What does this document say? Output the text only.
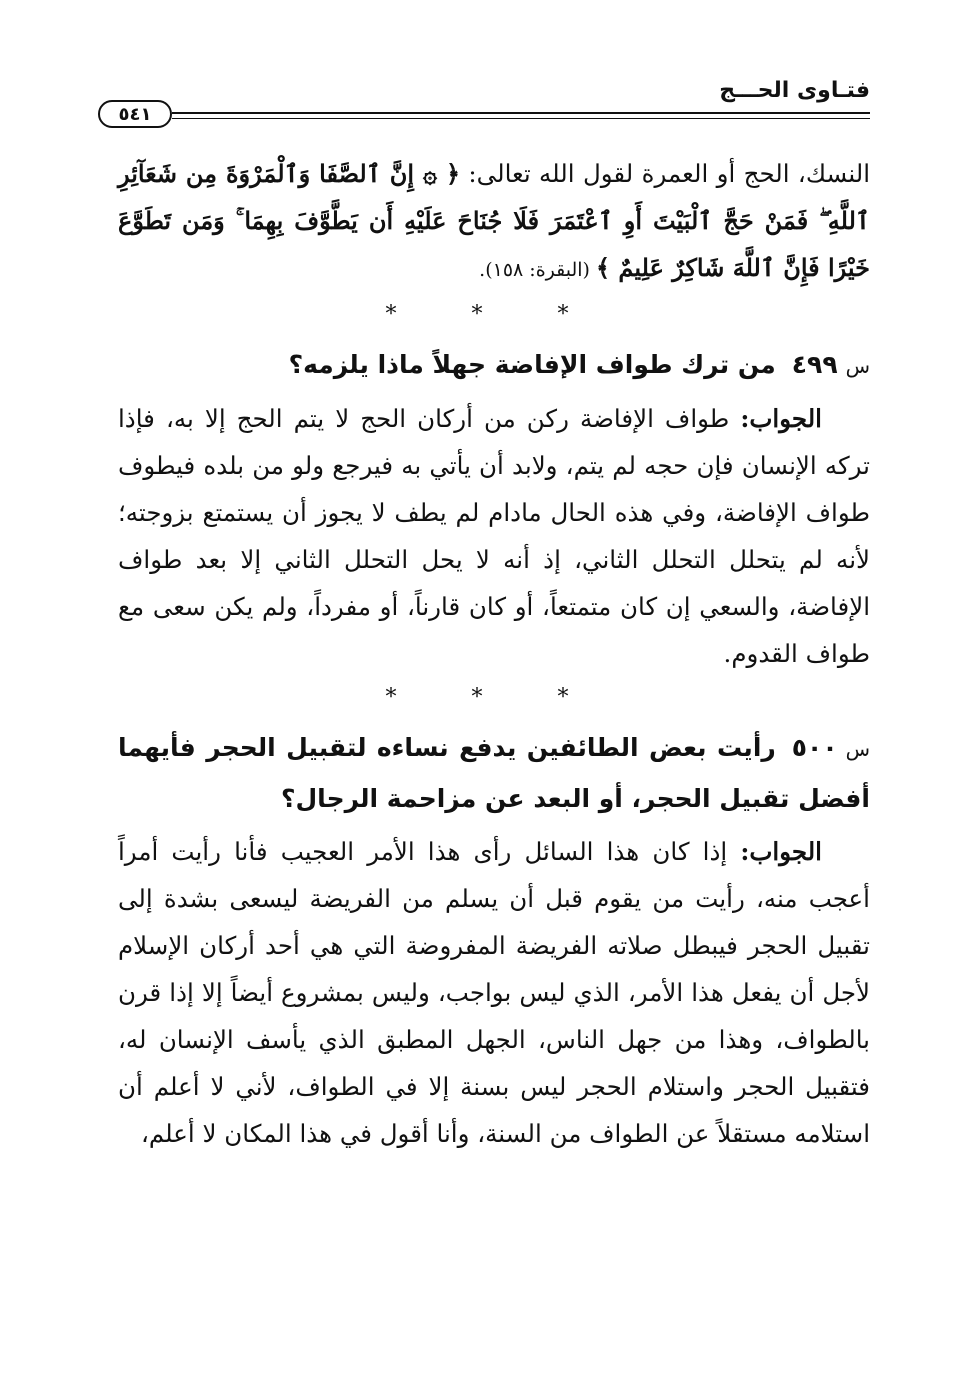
فتـاوى الحـــج
٥٤١

النسك، الحج أو العمرة لقول الله تعالى: ﴿ ۞ إِنَّ ٱلصَّفَا وَٱلْمَرْوَةَ مِن شَعَآئِرِ ٱللَّهِ ۖ فَمَنْ حَجَّ ٱلْبَيْتَ أَوِ ٱعْتَمَرَ فَلَا جُنَاحَ عَلَيْهِ أَن يَطَّوَّفَ بِهِمَا ۚ وَمَن تَطَوَّعَ خَيْرًا فَإِنَّ ٱللَّهَ شَاكِرٌ عَلِيمٌ ﴾ (البقرة: ١٥٨).

* * *
س٤٩٩من ترك طواف الإفاضة جهلاً ماذا يلزمه؟

الجواب: طواف الإفاضة ركن من أركان الحج لا يتم الحج إلا به، فإذا تركه الإنسان فإن حجه لم يتم، ولابد أن يأتي به فيرجع ولو من بلده فيطوف طواف الإفاضة، وفي هذه الحال مادام لم يطف لا يجوز أن يستمتع بزوجته؛ لأنه لم يتحلل التحلل الثاني، إذ أنه لا يحل التحلل الثاني إلا بعد طواف الإفاضة، والسعي إن كان متمتعاً، أو كان قارناً، أو مفرداً، ولم يكن سعى مع طواف القدوم.

* * *
س٥٠٠رأيت بعض الطائفين يدفع نساءه لتقبيل الحجر فأيهما أفضل تقبيل الحجر، أو البعد عن مزاحمة الرجال؟

الجواب: إذا كان هذا السائل رأى هذا الأمر العجيب فأنا رأيت أمراً أعجب منه، رأيت من يقوم قبل أن يسلم من الفريضة ليسعى بشدة إلى تقبيل الحجر فيبطل صلاته الفريضة المفروضة التي هي أحد أركان الإسلام لأجل أن يفعل هذا الأمر، الذي ليس بواجب، وليس بمشروع أيضاً إلا إذا قرن بالطواف، وهذا من جهل الناس، الجهل المطبق الذي يأسف الإنسان له، فتقبيل الحجر واستلام الحجر ليس بسنة إلا في الطواف، لأني لا أعلم أن استلامه مستقلاً عن الطواف من السنة، وأنا أقول في هذا المكان لا أعلم،
